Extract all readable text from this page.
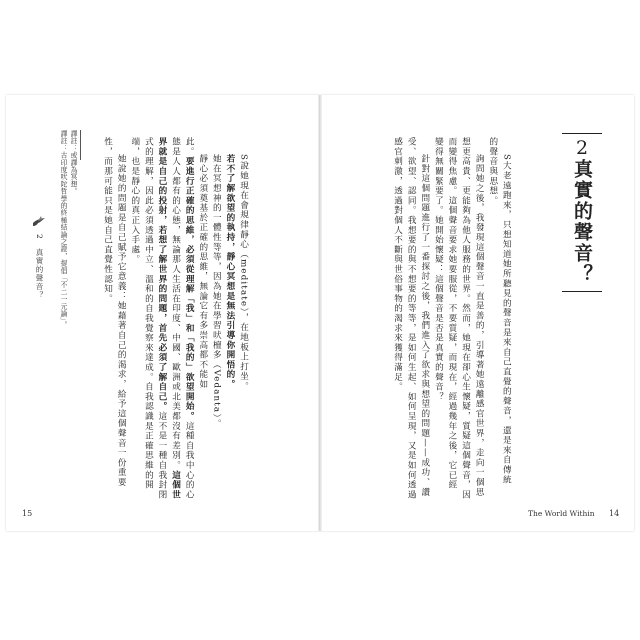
2
真實的聲音？

S大老遠跑來，只想知道她所聽見的聲音是來自己直覺的聲音，還是來自傳統

的聲音與思想。

詢問她之後，我發現這個聲音一直是善的，引導著她遠離感官世界，走向一個思

想更高貴、更能夠為他人服務的世界。然而，她現在卻心生懷疑，質疑這個聲音，因

而變得焦慮。這個聲音要求她要服從，不要質疑，而現在，經過幾年之後，它已經

變得無關緊要了。她開始懷疑：這個聲音是否是真實的聲音？

針對這個問題進行了一番探討之後，我們進入了欲求與想望的問題——成功、讚

受、欲望、認同。我想要的與不想要的等等，是如何生起、如何呈現，又是如何透過

感官刺激，透過對個人不斷與世俗事物的渴求來獲得滿足。

S說她現在會規律靜心（meditate），在地板上打坐。

若不了解欲望的執持，靜心冥想是無法引導你開悟的。

她在冥想神的一體性等等，因為她在學習吠檀多（Vedanta）。

靜心必須奠基於正確的思維，無論它有多崇高都不能如

此。要進行正確的思維，必須從理解「我」和「我的」欲望開始。這種自我中心的心

態是人人都有的心態，無論那人生活在印度、中國、歐洲或北美都沒有差別。這個世

界就是自己的投射，若想了解世界的問題，首先必須了解自己。這不是一種自我封閉

式的理解，因此必須透過中立、溫和的自我覺察來達成。自我認識是正確思維的開

端，也是靜心的真正入手處。

她說她的問題是自己賦予它意義：她藉著自己的渴求，給予這個聲音一份重要

性，而那可能只是她自己直覺性認知。

譯註：或譯為冥想。

譯註：古印度吠陀哲學的終極結論之證，提倡「不二一元論」。

2　真實的聲音？
15	The World Within 14
